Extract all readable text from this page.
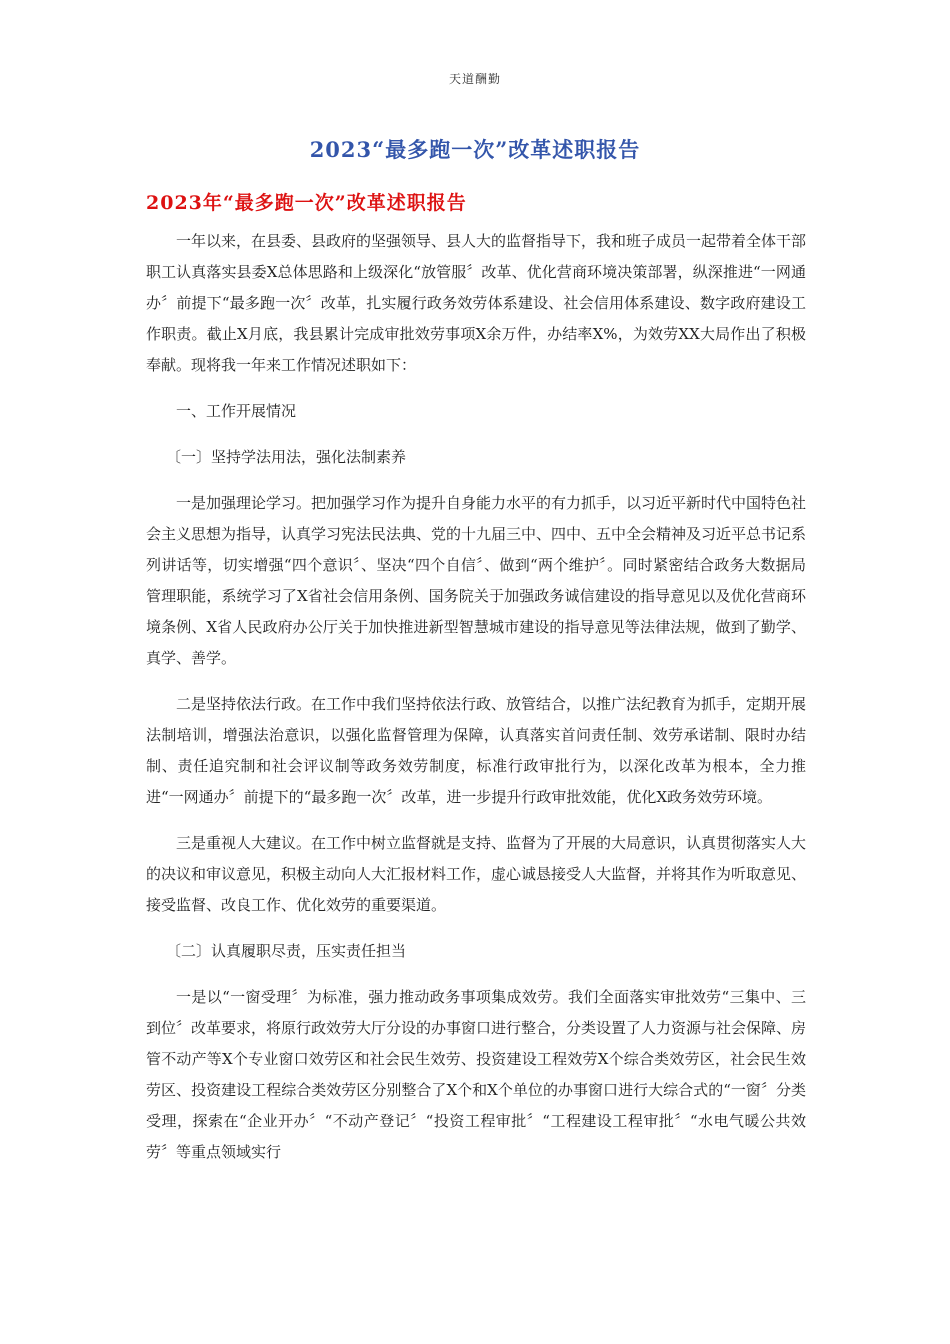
天道酬勤
2023“最多跑一次”改革述职报告
2023年“最多跑一次”改革述职报告

一年以来，在县委、县政府的坚强领导、县人大的监督指导下，我和班子成员一起带着全体干部职工认真落实县委X总体思路和上级深化“放管服〞改革、优化营商环境决策部署，纵深推进“一网通办〞前提下“最多跑一次〞改革，扎实履行政务效劳体系建设、社会信用体系建设、数字政府建设工作职责。截止X月底，我县累计完成审批效劳事项X余万件，办结率X%，为效劳XX大局作出了积极奉献。现将我一年来工作情况述职如下：

一、工作开展情况

〔一〕坚持学法用法，强化法制素养

一是加强理论学习。把加强学习作为提升自身能力水平的有力抓手，以习近平新时代中国特色社会主义思想为指导，认真学习宪法民法典、党的十九届三中、四中、五中全会精神及习近平总书记系列讲话等，切实增强“四个意识〞、坚决“四个自信〞、做到“两个维护〞。同时紧密结合政务大数据局管理职能，系统学习了X省社会信用条例、国务院关于加强政务诚信建设的指导意见以及优化营商环境条例、X省人民政府办公厅关于加快推进新型智慧城市建设的指导意见等法律法规，做到了勤学、真学、善学。

二是坚持依法行政。在工作中我们坚持依法行政、放管结合，以推广法纪教育为抓手，定期开展法制培训，增强法治意识，以强化监督管理为保障，认真落实首问责任制、效劳承诺制、限时办结制、责任追究制和社会评议制等政务效劳制度，标准行政审批行为，以深化改革为根本，全力推进“一网通办〞前提下的“最多跑一次〞改革，进一步提升行政审批效能，优化X政务效劳环境。

三是重视人大建议。在工作中树立监督就是支持、监督为了开展的大局意识，认真贯彻落实人大的决议和审议意见，积极主动向人大汇报材料工作，虚心诚恳接受人大监督，并将其作为听取意见、接受监督、改良工作、优化效劳的重要渠道。

〔二〕认真履职尽责，压实责任担当

一是以“一窗受理〞为标准，强力推动政务事项集成效劳。我们全面落实审批效劳“三集中、三到位〞改革要求，将原行政效劳大厅分设的办事窗口进行整合，分类设置了人力资源与社会保障、房管不动产等X个专业窗口效劳区和社会民生效劳、投资建设工程效劳X个综合类效劳区，社会民生效劳区、投资建设工程综合类效劳区分别整合了X个和X个单位的办事窗口进行大综合式的“一窗〞分类受理，探索在“企业开办〞“不动产登记〞“投资工程审批〞“工程建设工程审批〞“水电气暖公共效劳〞等重点领域实行
